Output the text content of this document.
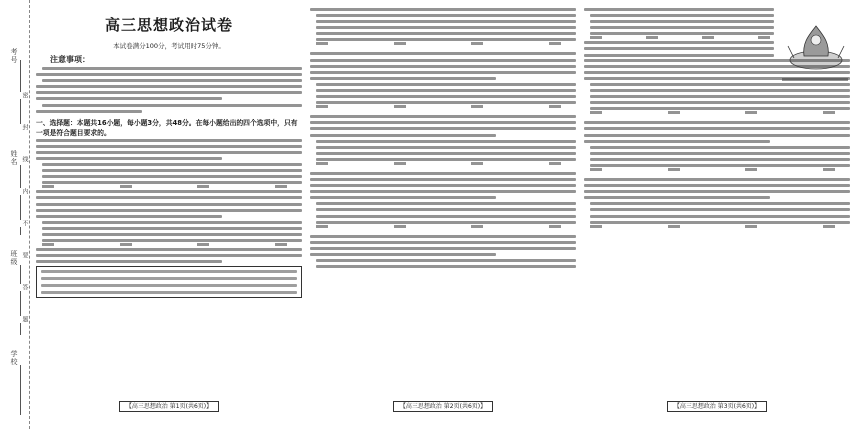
考号
姓名
班级
学校
密
封
线
内
不
要
答
题
高三思想政治试卷
本试卷满分100分，考试用时75分钟。
注意事项：
一、选择题：本题共16小题，每小题3分，共48分。在每小题给出的四个选项中，只有一项是符合题目要求的。
【高三思想政治 第1页(共6页)】	【高三思想政治 第2页(共6页)】	【高三思想政治 第3页(共6页)】
